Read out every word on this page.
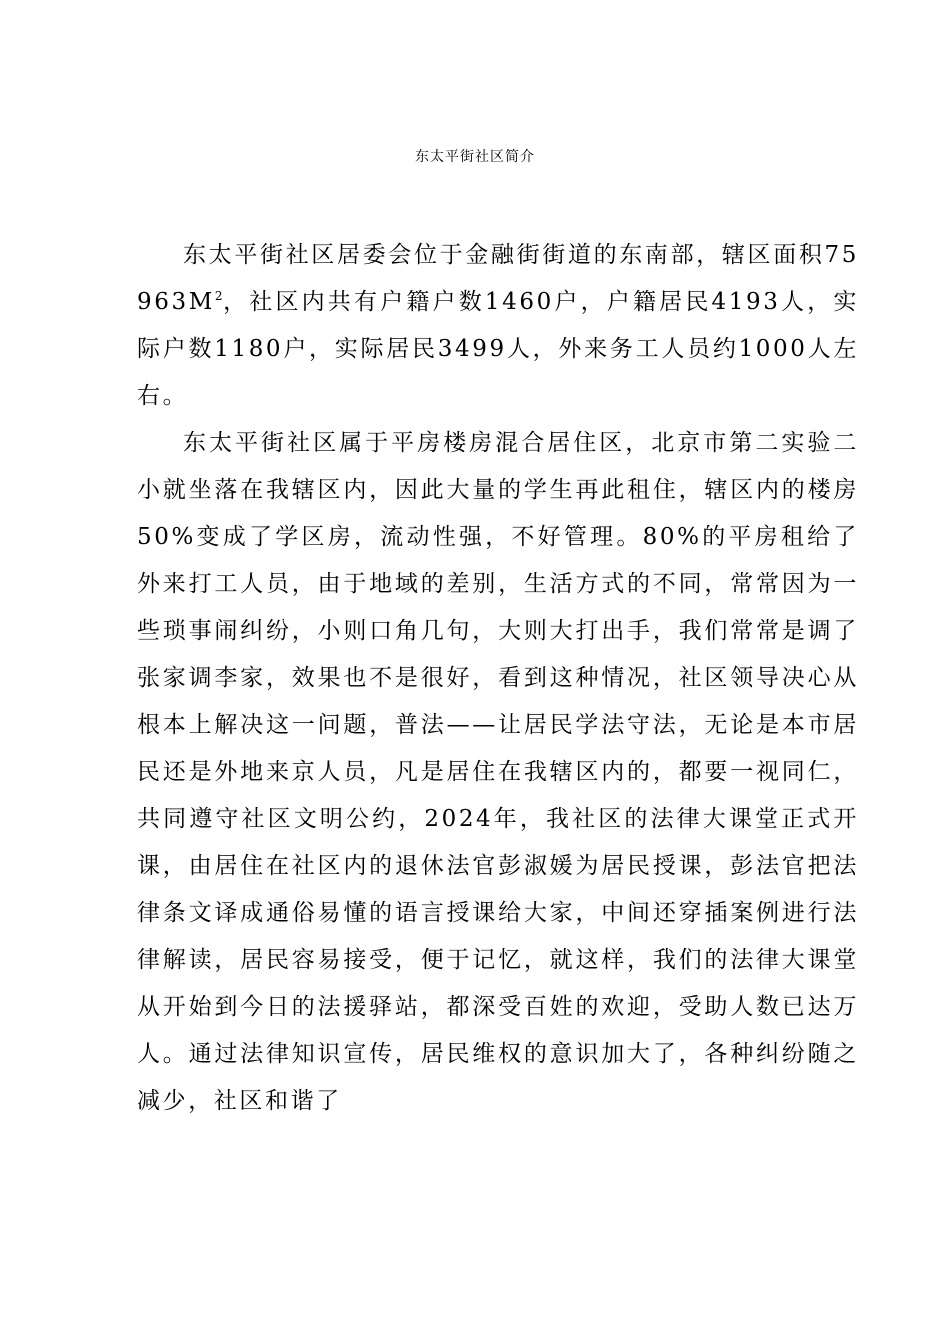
东太平街社区简介

东太平街社区居委会位于金融街街道的东南部，辖区面积$75963M^2$，社区内共有户籍户数1460户，户籍居民4193人，实际户数1180户，实际居民3499人，外来务工人员约1000人左右。

东太平街社区属于平房楼房混合居住区，北京市第二实验二小就坐落在我辖区内，因此大量的学生再此租住，辖区内的楼房50%变成了学区房，流动性强，不好管理。80%的平房租给了外来打工人员，由于地域的差别，生活方式的不同，常常因为一些琐事闹纠纷，小则口角几句，大则大打出手，我们常常是调了张家调李家，效果也不是很好，看到这种情况，社区领导决心从根本上解决这一问题，普法——让居民学法守法，无论是本市居民还是外地来京人员，凡是居住在我辖区内的，都要一视同仁，共同遵守社区文明公约，2024年，我社区的法律大课堂正式开课，由居住在社区内的退休法官彭淑媛为居民授课，彭法官把法律条文译成通俗易懂的语言授课给大家，中间还穿插案例进行法律解读，居民容易接受，便于记忆，就这样，我们的法律大课堂从开始到今日的法援驿站，都深受百姓的欢迎，受助人数已达万人。通过法律知识宣传，居民维权的意识加大了，各种纠纷随之减少，社区和谐了
